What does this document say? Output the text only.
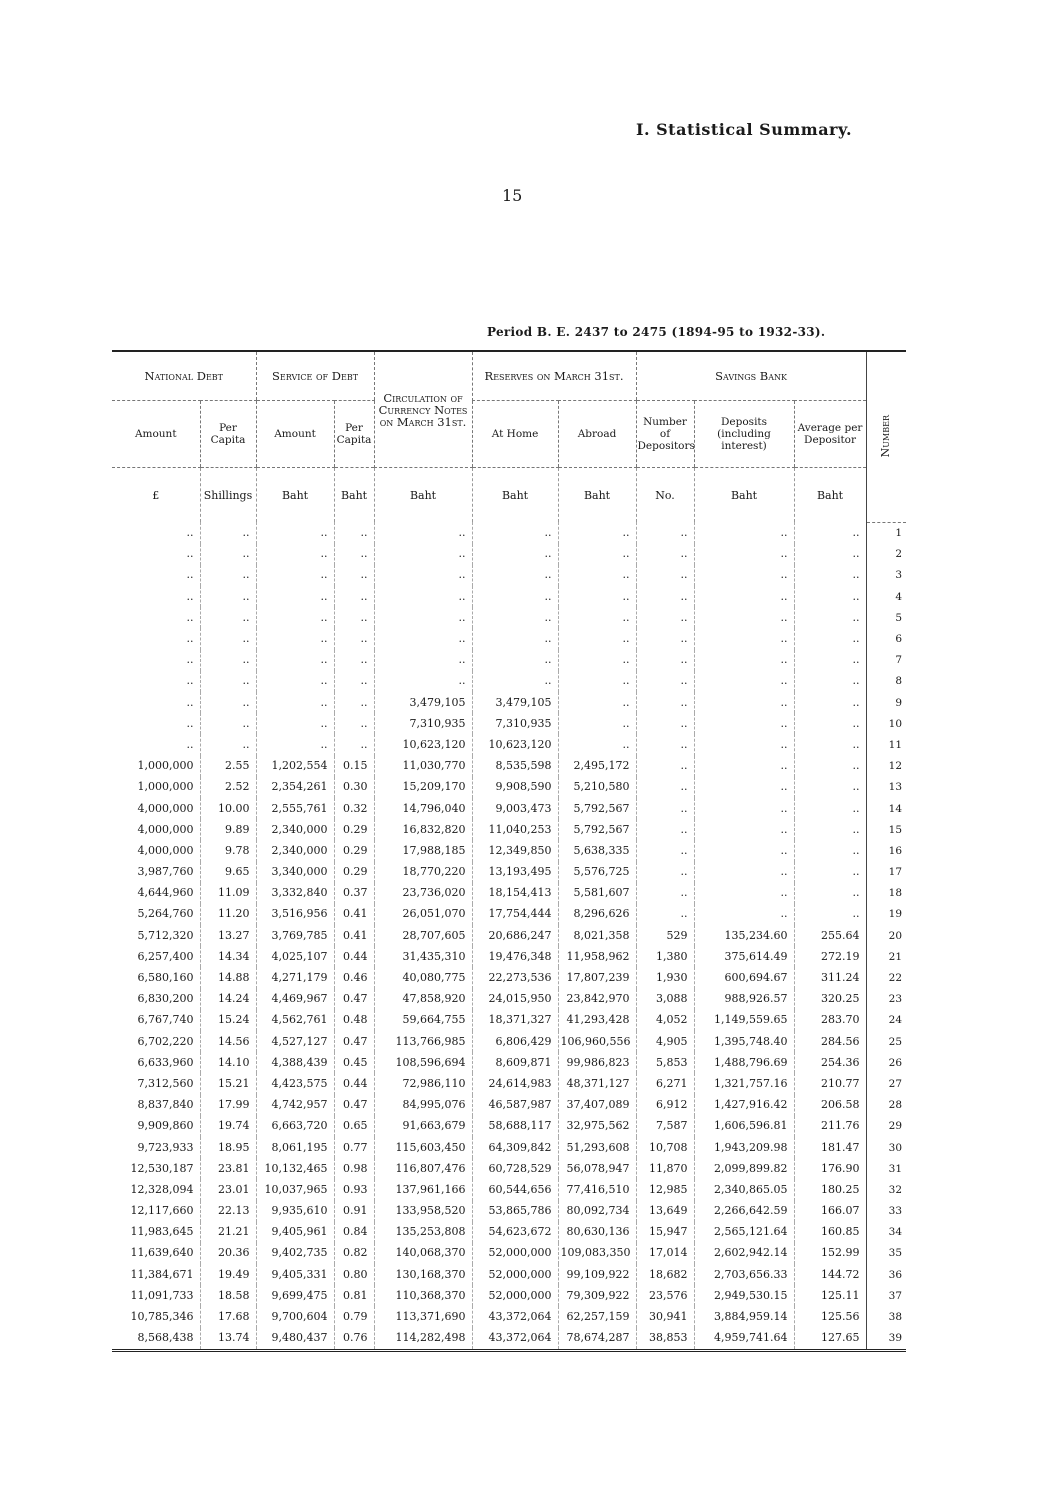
I. Statistical Summary.
15
Period B. E. 2437 to 2475 (1894-95 to 1932-33).
National Debt		Service of Debt		Circulation of Currency Notes on March 31st.	Reserves on March 31st.		Savings Bank			Number
Amount	Per Capita	Amount	Per Capita		At Home	Abroad	Number of Depositors	Deposits (including interest)	Average per Depositor	
£	Shillings	Baht	Baht	Baht	Baht	Baht	No.	Baht	Baht	
..	..	..	..	..	..	..	..	..	..	1
..	..	..	..	..	..	..	..	..	..	2
..	..	..	..	..	..	..	..	..	..	3
..	..	..	..	..	..	..	..	..	..	4
..	..	..	..	..	..	..	..	..	..	5
..	..	..	..	..	..	..	..	..	..	6
..	..	..	..	..	..	..	..	..	..	7
..	..	..	..	..	..	..	..	..	..	8
..	..	..	..	3,479,105	3,479,105	..	..	..	..	9
..	..	..	..	7,310,935	7,310,935	..	..	..	..	10
..	..	..	..	10,623,120	10,623,120	..	..	..	..	11
1,000,000	2.55	1,202,554	0.15	11,030,770	8,535,598	2,495,172	..	..	..	12
1,000,000	2.52	2,354,261	0.30	15,209,170	9,908,590	5,210,580	..	..	..	13
4,000,000	10.00	2,555,761	0.32	14,796,040	9,003,473	5,792,567	..	..	..	14
4,000,000	9.89	2,340,000	0.29	16,832,820	11,040,253	5,792,567	..	..	..	15
4,000,000	9.78	2,340,000	0.29	17,988,185	12,349,850	5,638,335	..	..	..	16
3,987,760	9.65	3,340,000	0.29	18,770,220	13,193,495	5,576,725	..	..	..	17
4,644,960	11.09	3,332,840	0.37	23,736,020	18,154,413	5,581,607	..	..	..	18
5,264,760	11.20	3,516,956	0.41	26,051,070	17,754,444	8,296,626	..	..	..	19
5,712,320	13.27	3,769,785	0.41	28,707,605	20,686,247	8,021,358	529	135,234.60	255.64	20
6,257,400	14.34	4,025,107	0.44	31,435,310	19,476,348	11,958,962	1,380	375,614.49	272.19	21
6,580,160	14.88	4,271,179	0.46	40,080,775	22,273,536	17,807,239	1,930	600,694.67	311.24	22
6,830,200	14.24	4,469,967	0.47	47,858,920	24,015,950	23,842,970	3,088	988,926.57	320.25	23
6,767,740	15.24	4,562,761	0.48	59,664,755	18,371,327	41,293,428	4,052	1,149,559.65	283.70	24
6,702,220	14.56	4,527,127	0.47	113,766,985	6,806,429	106,960,556	4,905	1,395,748.40	284.56	25
6,633,960	14.10	4,388,439	0.45	108,596,694	8,609,871	99,986,823	5,853	1,488,796.69	254.36	26
7,312,560	15.21	4,423,575	0.44	72,986,110	24,614,983	48,371,127	6,271	1,321,757.16	210.77	27
8,837,840	17.99	4,742,957	0.47	84,995,076	46,587,987	37,407,089	6,912	1,427,916.42	206.58	28
9,909,860	19.74	6,663,720	0.65	91,663,679	58,688,117	32,975,562	7,587	1,606,596.81	211.76	29
9,723,933	18.95	8,061,195	0.77	115,603,450	64,309,842	51,293,608	10,708	1,943,209.98	181.47	30
12,530,187	23.81	10,132,465	0.98	116,807,476	60,728,529	56,078,947	11,870	2,099,899.82	176.90	31
12,328,094	23.01	10,037,965	0.93	137,961,166	60,544,656	77,416,510	12,985	2,340,865.05	180.25	32
12,117,660	22.13	9,935,610	0.91	133,958,520	53,865,786	80,092,734	13,649	2,266,642.59	166.07	33
11,983,645	21.21	9,405,961	0.84	135,253,808	54,623,672	80,630,136	15,947	2,565,121.64	160.85	34
11,639,640	20.36	9,402,735	0.82	140,068,370	52,000,000	109,083,350	17,014	2,602,942.14	152.99	35
11,384,671	19.49	9,405,331	0.80	130,168,370	52,000,000	99,109,922	18,682	2,703,656.33	144.72	36
11,091,733	18.58	9,699,475	0.81	110,368,370	52,000,000	79,309,922	23,576	2,949,530.15	125.11	37
10,785,346	17.68	9,700,604	0.79	113,371,690	43,372,064	62,257,159	30,941	3,884,959.14	125.56	38
8,568,438	13.74	9,480,437	0.76	114,282,498	43,372,064	78,674,287	38,853	4,959,741.64	127.65	39
